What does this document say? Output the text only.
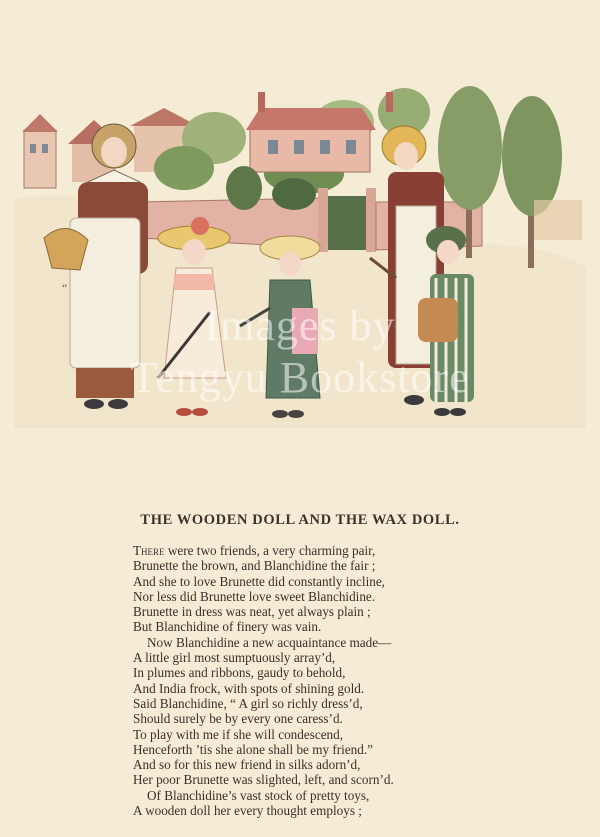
“
Images by
Tengyu Bookstore
THE WOODEN DOLL AND THE WAX DOLL.
There were two friends, a very charming pair,
Brunette the brown, and Blanchidine the fair ;
And she to love Brunette did constantly incline,
Nor less did Brunette love sweet Blanchidine.
Brunette in dress was neat, yet always plain ;
But Blanchidine of finery was vain.
Now Blanchidine a new acquaintance made—
A little girl most sumptuously array’d,
In plumes and ribbons, gaudy to behold,
And India frock, with spots of shining gold.
Said Blanchidine, “ A girl so richly dress’d,
Should surely be by every one caress’d.
To play with me if she will condescend,
Henceforth ’tis she alone shall be my friend.”
And so for this new friend in silks adorn’d,
Her poor Brunette was slighted, left, and scorn’d.
Of Blanchidine’s vast stock of pretty toys,
A wooden doll her every thought employs ;
